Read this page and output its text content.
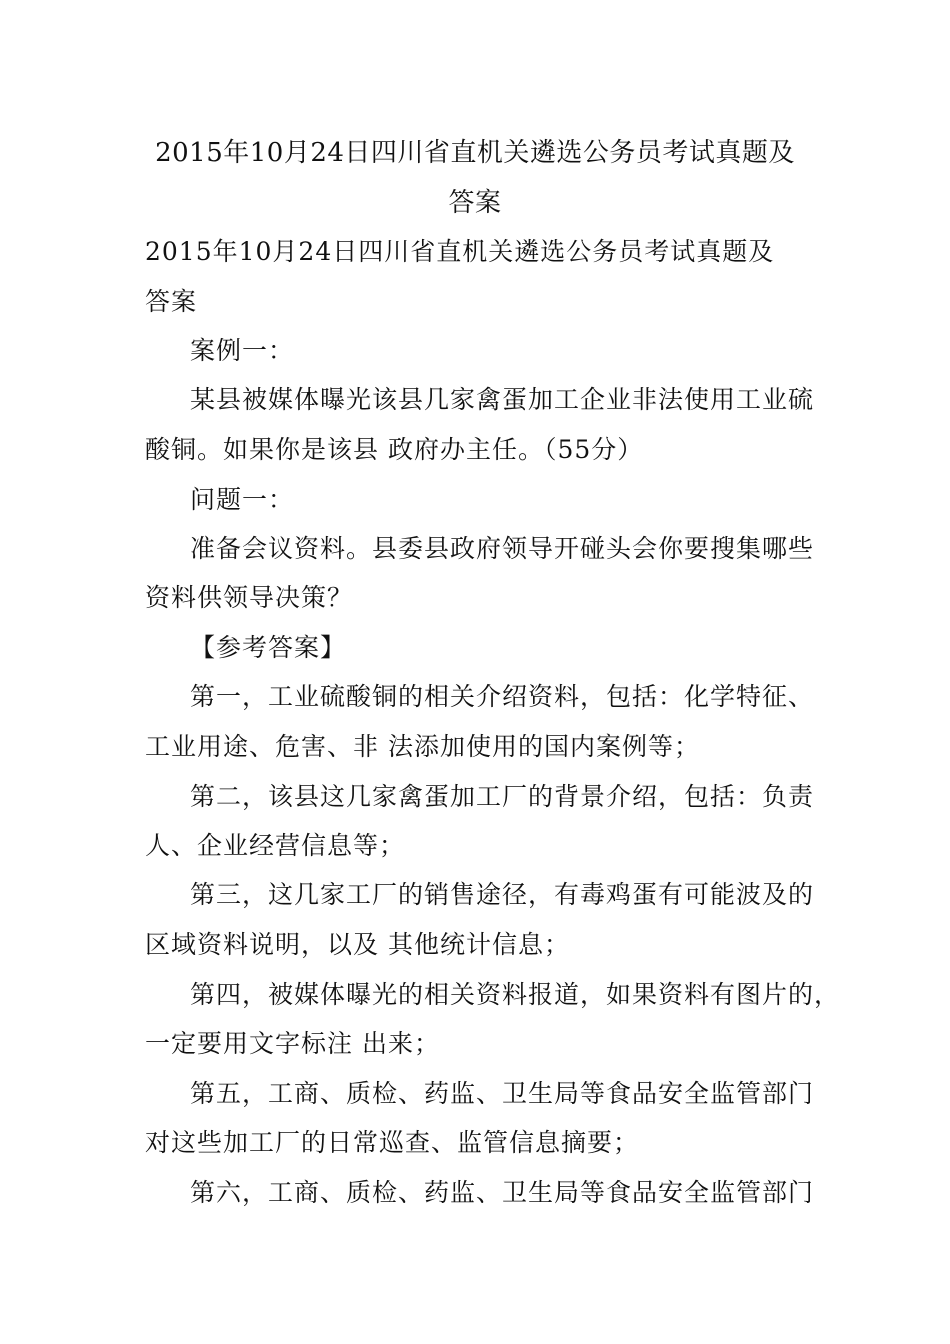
2015年10月24日四川省直机关遴选公务员考试真题及
答案
2015年10月24日四川省直机关遴选公务员考试真题及
答案
案例一：
某县被媒体曝光该县几家禽蛋加工企业非法使用工业硫
酸铜。如果你是该县 政府办主任。（55分）
问题一：
准备会议资料。县委县政府领导开碰头会你要搜集哪些
资料供领导决策？
【参考答案】
第一，工业硫酸铜的相关介绍资料，包括：化学特征、
工业用途、危害、非 法添加使用的国内案例等；
第二，该县这几家禽蛋加工厂的背景介绍，包括：负责
人、企业经营信息等；
第三，这几家工厂的销售途径，有毒鸡蛋有可能波及的
区域资料说明，以及 其他统计信息；
第四，被媒体曝光的相关资料报道，如果资料有图片的，
一定要用文字标注 出来；
第五，工商、质检、药监、卫生局等食品安全监管部门
对这些加工厂的日常巡查、监管信息摘要；
第六，工商、质检、药监、卫生局等食品安全监管部门
